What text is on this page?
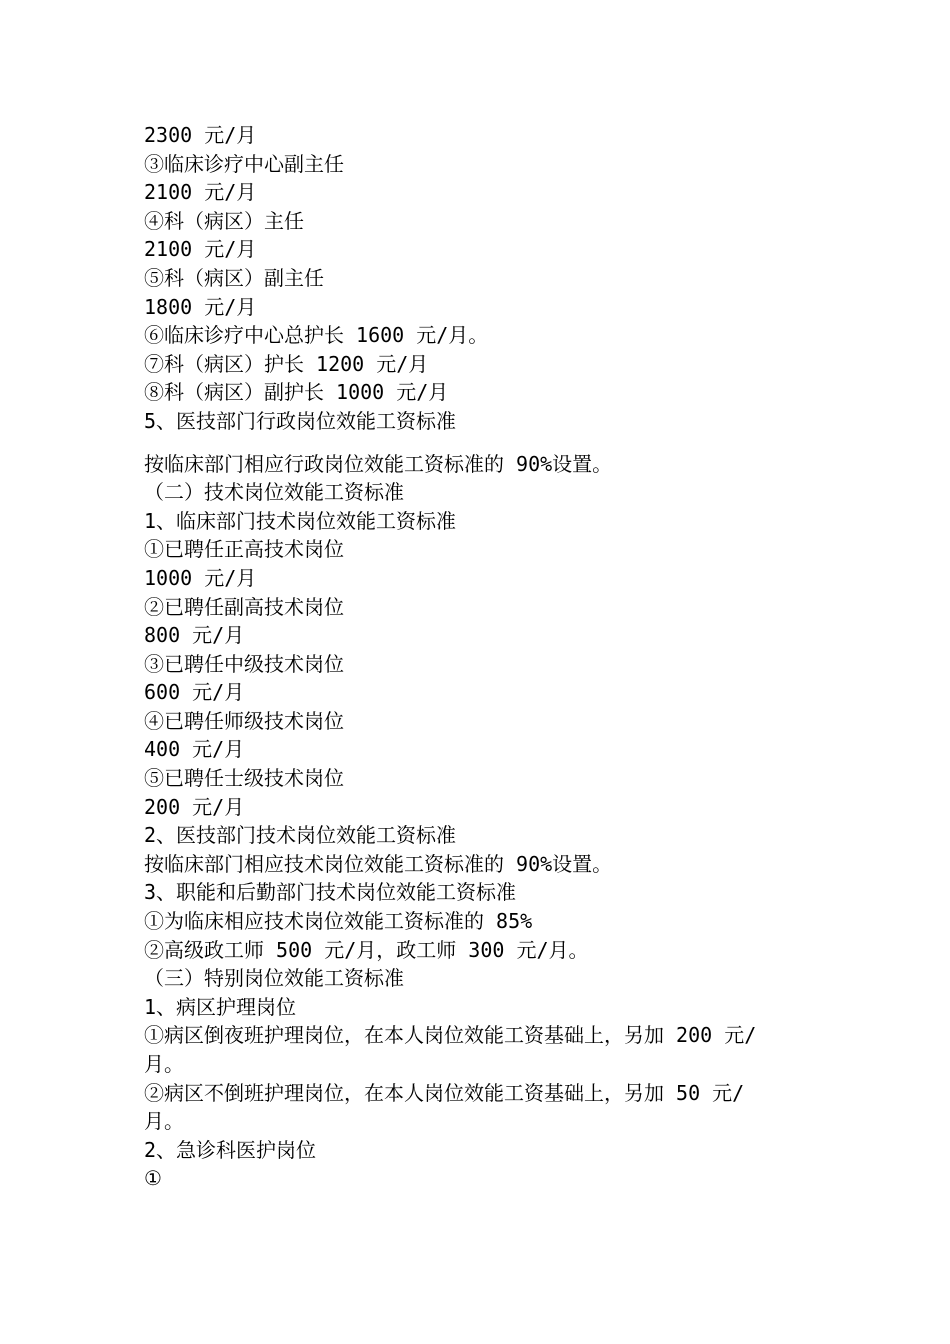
2300 元/月
③临床诊疗中心副主任
2100 元/月
④科（病区）主任
2100 元/月
⑤科（病区）副主任
1800 元/月
⑥临床诊疗中心总护长 1600 元/月。
⑦科（病区）护长 1200 元/月
⑧科（病区）副护长 1000 元/月
5、医技部门行政岗位效能工资标准
按临床部门相应行政岗位效能工资标准的 90%设置。
（二）技术岗位效能工资标准
1、临床部门技术岗位效能工资标准
①已聘任正高技术岗位
1000 元/月
②已聘任副高技术岗位
800 元/月
③已聘任中级技术岗位
600 元/月
④已聘任师级技术岗位
400 元/月
⑤已聘任士级技术岗位
200 元/月
2、医技部门技术岗位效能工资标准
按临床部门相应技术岗位效能工资标准的 90%设置。
3、职能和后勤部门技术岗位效能工资标准
①为临床相应技术岗位效能工资标准的 85%
②高级政工师 500 元/月，政工师 300 元/月。
（三）特别岗位效能工资标准
1、病区护理岗位
①病区倒夜班护理岗位，在本人岗位效能工资基础上，另加 200 元/
月。
②病区不倒班护理岗位，在本人岗位效能工资基础上，另加 50 元/
月。
2、急诊科医护岗位
①
